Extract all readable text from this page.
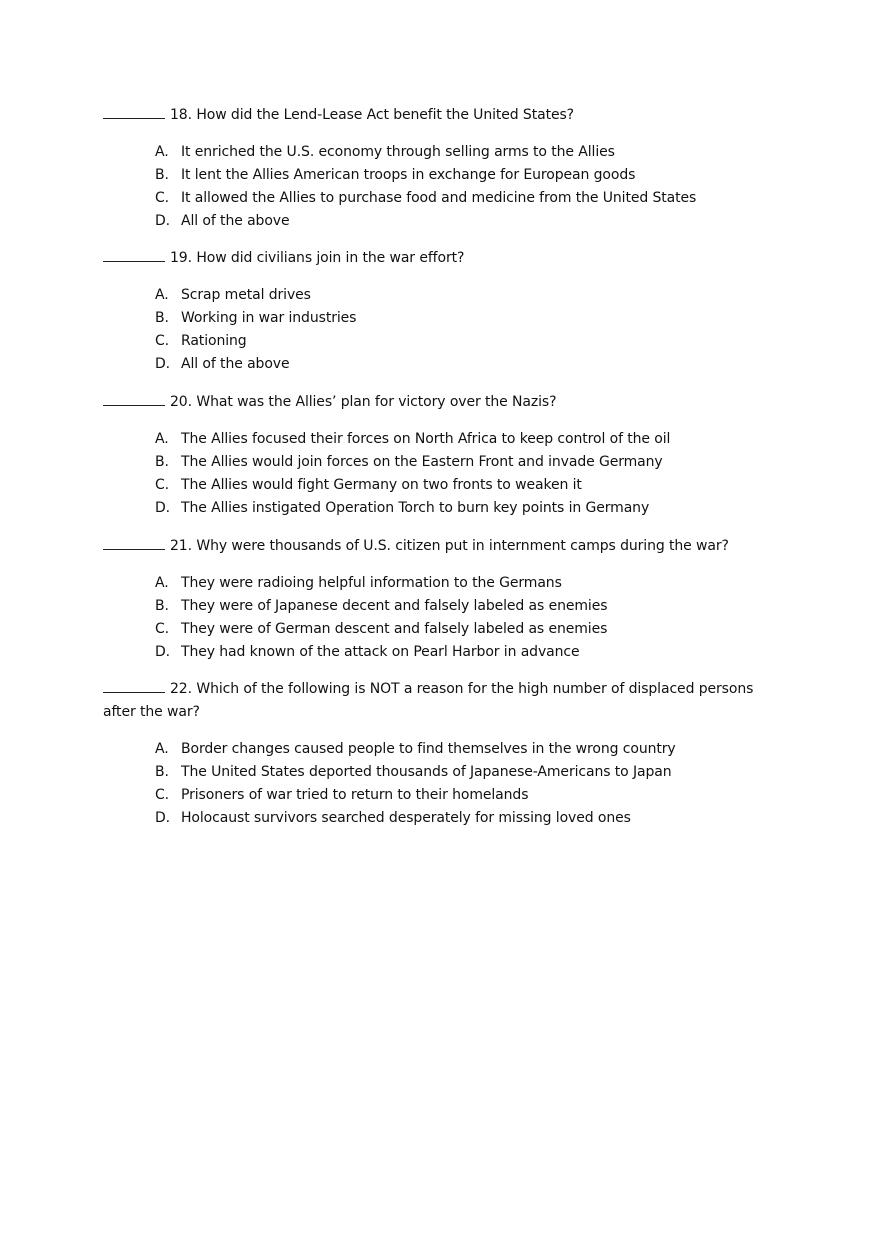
18. How did the Lend-Lease Act benefit the United States?
A. It enriched the U.S. economy through selling arms to the Allies
B. It lent the Allies American troops in exchange for European goods
C. It allowed the Allies to purchase food and medicine from the United States
D. All of the above
19. How did civilians join in the war effort?
A. Scrap metal drives
B. Working in war industries
C. Rationing
D. All of the above
20. What was the Allies’ plan for victory over the Nazis?
A. The Allies focused their forces on North Africa to keep control of the oil
B. The Allies would join forces on the Eastern Front and invade Germany
C. The Allies would fight Germany on two fronts to weaken it
D. The Allies instigated Operation Torch to burn key points in Germany
21. Why were thousands of U.S. citizen put in internment camps during the war?
A. They were radioing helpful information to the Germans
B. They were of Japanese decent and falsely labeled as enemies
C. They were of German descent and falsely labeled as enemies
D. They had known of the attack on Pearl Harbor in advance
22. Which of the following is NOT a reason for the high number of displaced persons after the war?
A. Border changes caused people to find themselves in the wrong country
B. The United States deported thousands of Japanese-Americans to Japan
C. Prisoners of war tried to return to their homelands
D. Holocaust survivors searched desperately for missing loved ones
